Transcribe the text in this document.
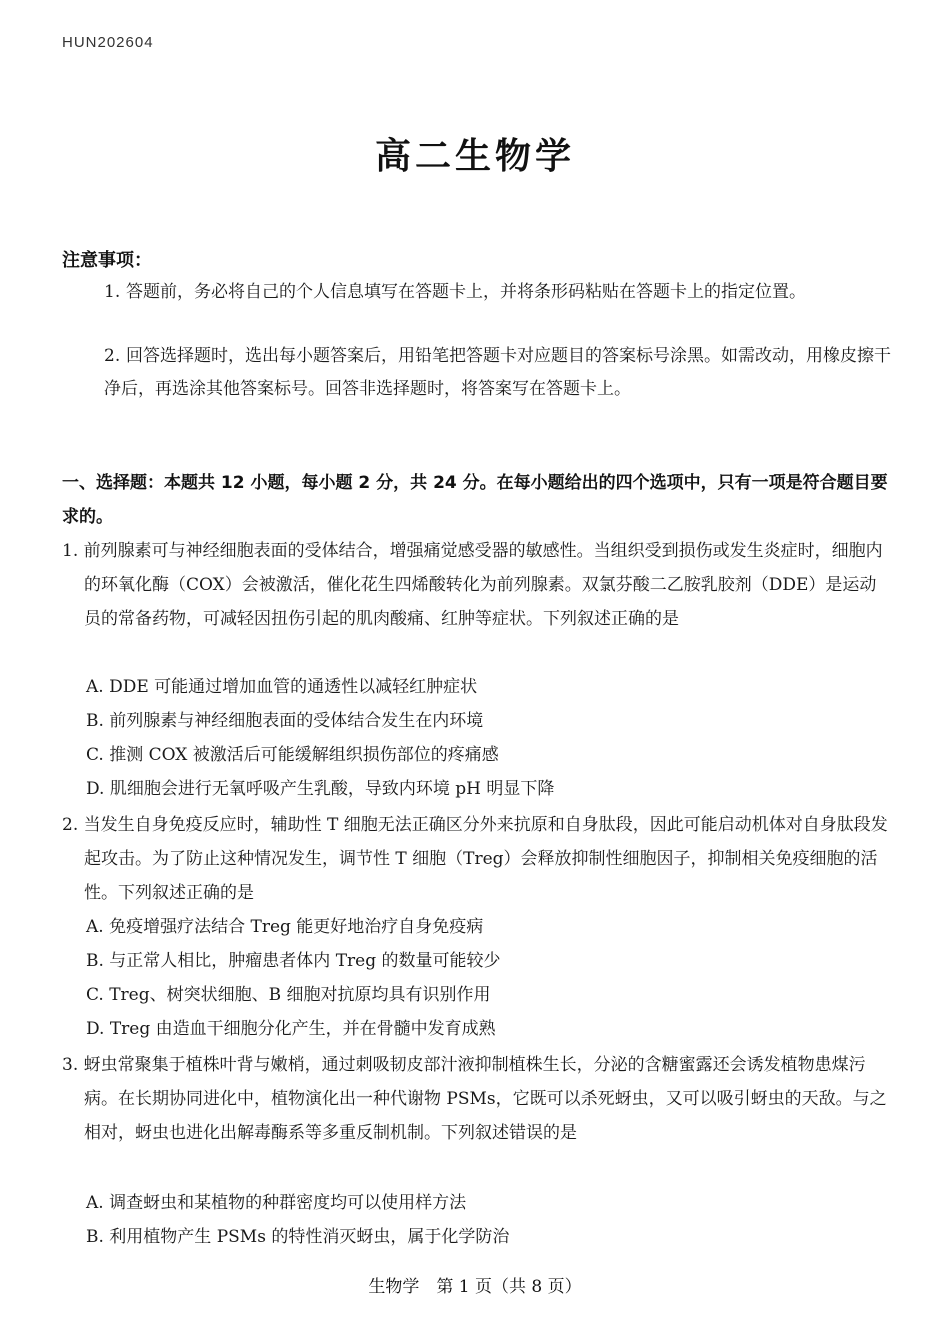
HUN202604
高二生物学
注意事项：
1. 答题前，务必将自己的个人信息填写在答题卡上，并将条形码粘贴在答题卡上的指定位置。
2. 回答选择题时，选出每小题答案后，用铅笔把答题卡对应题目的答案标号涂黑。如需改动，用橡皮擦干净后，再选涂其他答案标号。回答非选择题时，将答案写在答题卡上。
一、选择题：本题共 12 小题，每小题 2 分，共 24 分。在每小题给出的四个选项中，只有一项是符合题目要求的。
1. 前列腺素可与神经细胞表面的受体结合，增强痛觉感受器的敏感性。当组织受到损伤或发生炎症时，细胞内的环氧化酶（COX）会被激活，催化花生四烯酸转化为前列腺素。双氯芬酸二乙胺乳胶剂（DDE）是运动员的常备药物，可减轻因扭伤引起的肌肉酸痛、红肿等症状。下列叙述正确的是
A. DDE 可能通过增加血管的通透性以减轻红肿症状
B. 前列腺素与神经细胞表面的受体结合发生在内环境
C. 推测 COX 被激活后可能缓解组织损伤部位的疼痛感
D. 肌细胞会进行无氧呼吸产生乳酸，导致内环境 pH 明显下降
2. 当发生自身免疫反应时，辅助性 T 细胞无法正确区分外来抗原和自身肽段，因此可能启动机体对自身肽段发起攻击。为了防止这种情况发生，调节性 T 细胞（Treg）会释放抑制性细胞因子，抑制相关免疫细胞的活性。下列叙述正确的是
A. 免疫增强疗法结合 Treg 能更好地治疗自身免疫病
B. 与正常人相比，肿瘤患者体内 Treg 的数量可能较少
C. Treg、树突状细胞、B 细胞对抗原均具有识别作用
D. Treg 由造血干细胞分化产生，并在骨髓中发育成熟
3. 蚜虫常聚集于植株叶背与嫩梢，通过刺吸韧皮部汁液抑制植株生长，分泌的含糖蜜露还会诱发植物患煤污病。在长期协同进化中，植物演化出一种代谢物 PSMs，它既可以杀死蚜虫，又可以吸引蚜虫的天敌。与之相对，蚜虫也进化出解毒酶系等多重反制机制。下列叙述错误的是
A. 调查蚜虫和某植物的种群密度均可以使用样方法
B. 利用植物产生 PSMs 的特性消灭蚜虫，属于化学防治
生物学　第 1 页（共 8 页）
